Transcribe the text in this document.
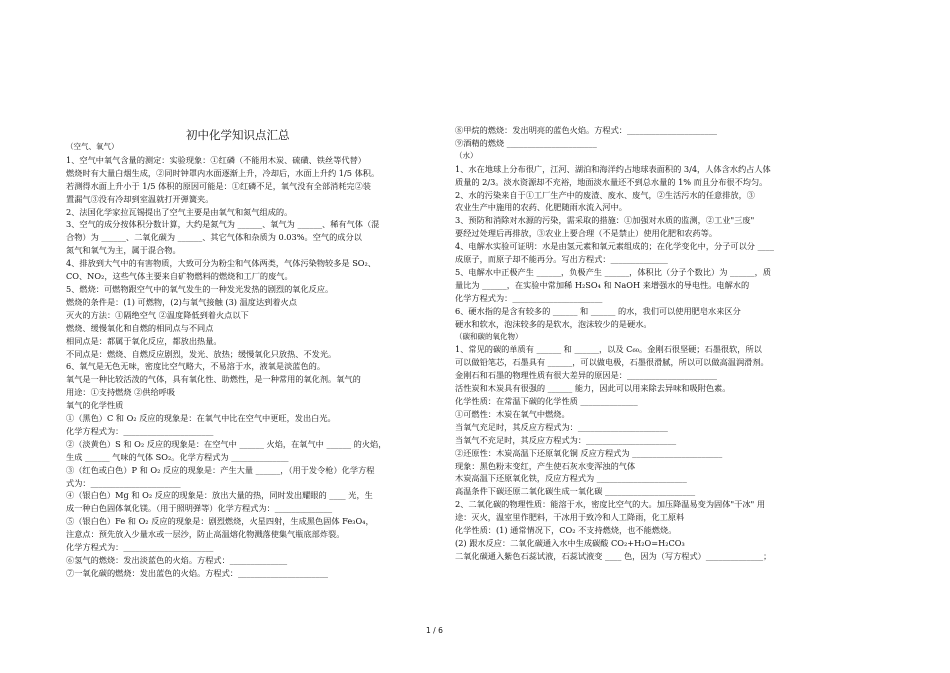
初中化学知识点汇总
（空气、氧气）
1、空气中氧气含量的测定：实验现象：①红磷（不能用木炭、硫磺、铁丝等代替）
燃烧时有大量白烟生成，②同时钟罩内水面逐渐上升，冷却后，水面上升约 1/5 体积。
若测得水面上升小于 1/5 体积的原因可能是：①红磷不足，氧气没有全部消耗完②装
置漏气③没有冷却到室温就打开弹簧夹。
2、法国化学家拉瓦锡提出了空气主要是由氧气和氮气组成的。
3、空气的成分按体积分数计算，大约是氮气为 ______、氧气为 ______、稀有气体（混
合物）为 ______、二氧化碳为 ______、其它气体和杂质为 0.03%。空气的成分以
氮气和氧气为主，属于混合物。
4、排放到大气中的有害物质，大致可分为粉尘和气体两类，气体污染物较多是 SO₂、
CO、NO₂，这些气体主要来自矿物燃料的燃烧和工厂的废气。
5、燃烧：可燃物跟空气中的氧气发生的一种发光发热的剧烈的氧化反应。
燃烧的条件是：(1) 可燃物，(2)与氧气接触 (3) 温度达到着火点
灭火的方法：①隔绝空气 ②温度降低到着火点以下
燃烧、缓慢氧化和自燃的相同点与不同点
相同点是：都属于氧化反应，都放出热量。
不同点是：燃烧、自燃反应剧烈，发光、放热；缓慢氧化只放热、不发光。
6、氧气是无色无味，密度比空气略大，不易溶于水，液氧是淡蓝色的。
氧气是一种比较活泼的气体，具有氧化性、助燃性，是一种常用的氧化剂。氧气的
用途：①支持燃烧 ②供给呼吸
氧气的化学性质
①（黑色）C 和 O₂ 反应的现象是：在氧气中比在空气中更旺，发出白光。
化学方程式为：______________________
②（淡黄色）S 和 O₂ 反应的现象是：在空气中 ______ 火焰，在氧气中 ______ 的火焰，
生成 ______ 气味的气体 SO₂。化学方程式为 ______________
③（红色或白色）P 和 O₂ 反应的现象是：产生大量 ______，（用于发令枪）化学方程
式为：______________________
④（银白色）Mg 和 O₂ 反应的现象是：放出大量的热，同时发出耀眼的 ____ 光，生
成一种白色固体氧化镁。（用于照明弹等）化学方程式为：______________
⑤（银白色）Fe 和 O₂ 反应的现象是：剧烈燃烧，火星四射，生成黑色固体 Fe₃O₄，
注意点：预先放入少量水或一层沙，防止高温熔化物溅落使集气瓶底部炸裂。
化学方程式为：______________________
⑥氢气的燃烧：发出淡蓝色的火焰。方程式：______________
⑦一氧化碳的燃烧：发出蓝色的火焰。方程式：______________________
⑧甲烷的燃烧：发出明亮的蓝色火焰。方程式：______________________
⑨酒精的燃烧 ______________________
（水）
1、水在地球上分布很广，江河、湖泊和海洋约占地球表面积的 3/4，人体含水约占人体
质量的 2/3。淡水资源却不充裕，地面淡水量还不到总水量的 1% 而且分布很不均匀。
2、水的污染来自于①工厂生产中的废渣、废水、废气，②生活污水的任意排放，③
农业生产中施用的农药、化肥随雨水流入河中。
3、预防和消除对水源的污染，需采取的措施：①加强对水质的监测，②工业"三废"
要经过处理后再排放，③农业上要合理（不是禁止）使用化肥和农药等。
4、电解水实验可证明：水是由氢元素和氧元素组成的；在化学变化中，分子可以分 ____
成原子，而原子却不能再分。写出方程式：______________
5、电解水中正极产生 ______，负极产生 ______，体积比（分子个数比）为 ______，质
量比为 ______，在实验中常加稀 H₂SO₄ 和 NaOH 来增强水的导电性。电解水的
化学方程式为：______________________
6、硬水指的是含有较多的 ______ 和 ______ 的水，我们可以使用肥皂水来区分
硬水和软水，泡沫较多的是软水，泡沫较少的是硬水。
（碳和碳的氧化物）
1、常见的碳的单质有 ______ 和 ______，以及 C₆₀。金刚石很坚硬；石墨很软，所以
可以做铅笔芯，石墨具有 ______，可以做电极，石墨很滑腻，所以可以做高温润滑剂。
金刚石和石墨的物理性质有很大差异的原因是：______________________
活性炭和木炭具有很强的 ______ 能力，因此可以用来除去异味和吸附色素。
化学性质：在常温下碳的化学性质 ______________
①可燃性：木炭在氧气中燃烧。
当氧气充足时，其反应方程式为：______________________
当氧气不充足时，其反应方程式为：______________________
②还原性：木炭高温下还原氧化铜 反应方程式为 ______________________
现象：黑色粉末变红，产生使石灰水变浑浊的气体
木炭高温下还原氧化铁，反应方程式为 ______________________
高温条件下碳还原二氧化碳生成一氧化碳 ______________________
2、二氧化碳的物理性质：能溶于水，密度比空气的大。加压降温易变为固体"干冰" 用
途：灭火，温室里作肥料，干冰用于致冷和人工降雨，化工原料
化学性质：(1) 通常情况下，CO₂ 不支持燃烧，也不能燃烧。
(2) 跟水反应：二氧化碳通入水中生成碳酸 CO₂+H₂O=H₂CO₃
二氧化碳通入紫色石蕊试液，石蕊试液变 ____ 色，因为（写方程式）______________；
1 / 6
